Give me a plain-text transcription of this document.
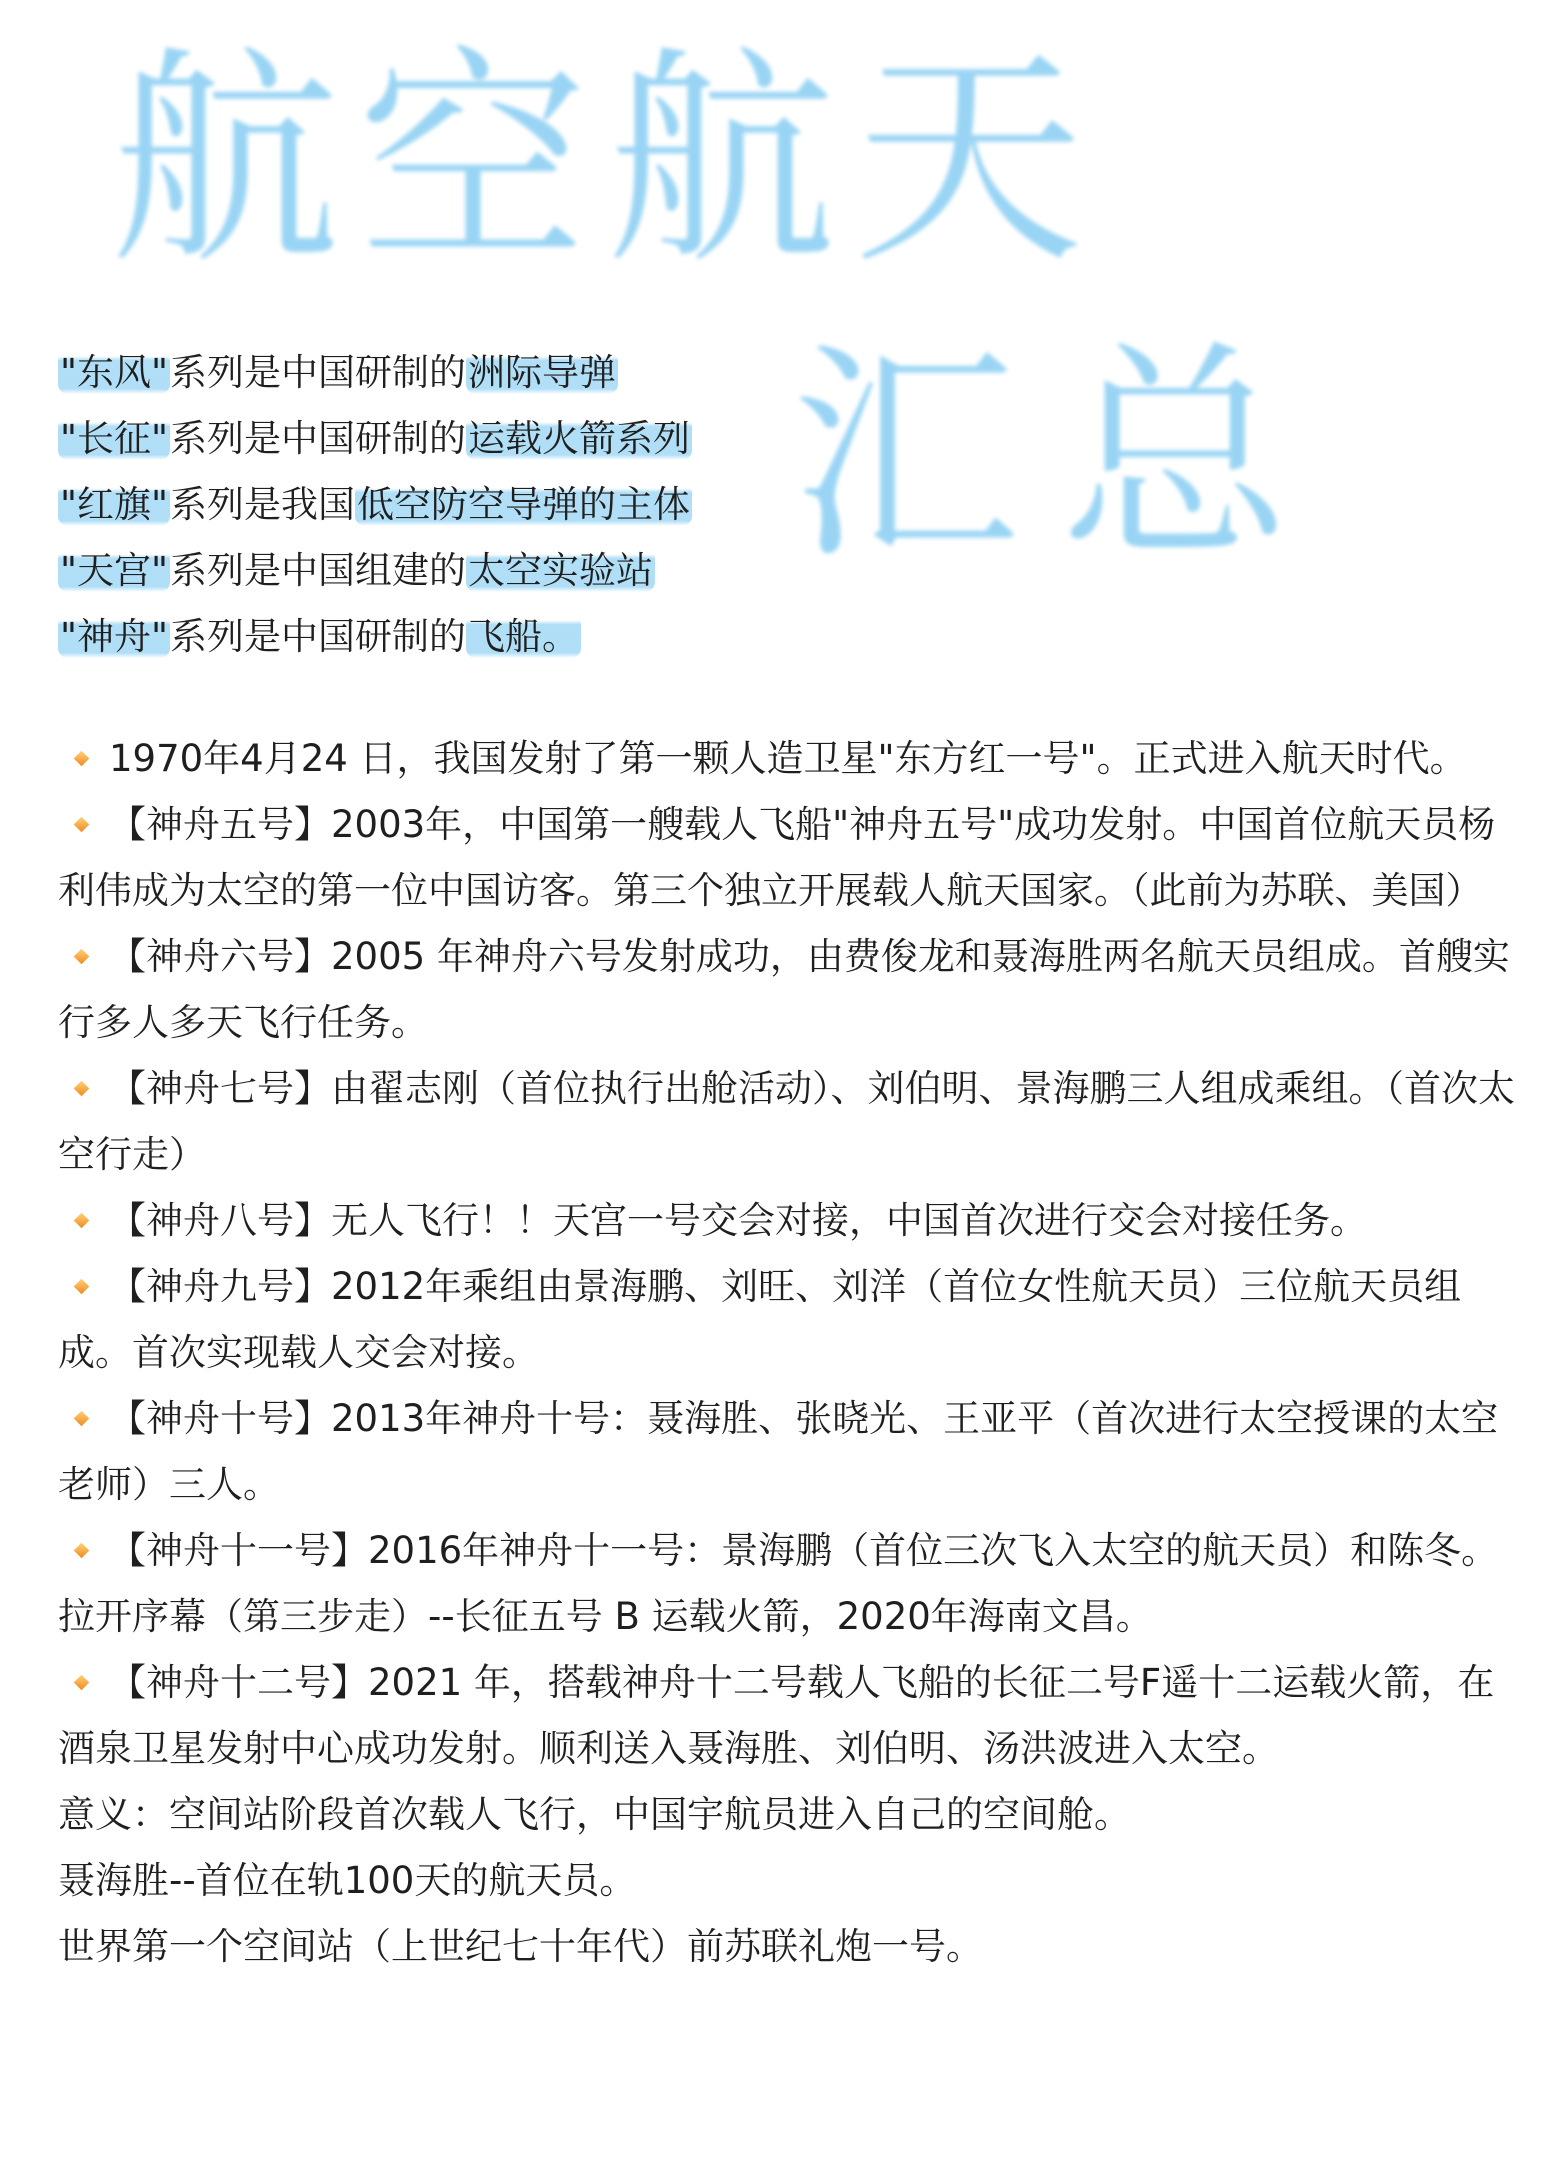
航空航天
汇总
"东风"系列是中国研制的洲际导弹
"长征"系列是中国研制的运载火箭系列
"红旗"系列是我国低空防空导弹的主体
"天宫"系列是中国组建的太空实验站
"神舟"系列是中国研制的飞船。

1970年4月24 日，我国发射了第一颗人造卫星"东方红一号"。正式进入航天时代。

【神舟五号】2003年，中国第一艘载人飞船"神舟五号"成功发射。中国首位航天员杨利伟成为太空的第一位中国访客。第三个独立开展载人航天国家。（此前为苏联、美国）

【神舟六号】2005 年神舟六号发射成功，由费俊龙和聂海胜两名航天员组成。首艘实行多人多天飞行任务。

【神舟七号】由翟志刚（首位执行出舱活动）、刘伯明、景海鹏三人组成乘组。（首次太空行走）

【神舟八号】无人飞行！！天宫一号交会对接，中国首次进行交会对接任务。

【神舟九号】2012年乘组由景海鹏、刘旺、刘洋（首位女性航天员）三位航天员组成。首次实现载人交会对接。

【神舟十号】2013年神舟十号：聂海胜、张晓光、王亚平（首次进行太空授课的太空老师）三人。

【神舟十一号】2016年神舟十一号：景海鹏（首位三次飞入太空的航天员）和陈冬。拉开序幕（第三步走）--长征五号 B 运载火箭，2020年海南文昌。

【神舟十二号】2021 年，搭载神舟十二号载人飞船的长征二号F遥十二运载火箭，在酒泉卫星发射中心成功发射。顺利送入聂海胜、刘伯明、汤洪波进入太空。

意义：空间站阶段首次载人飞行，中国宇航员进入自己的空间舱。

聂海胜--首位在轨100天的航天员。

世界第一个空间站（上世纪七十年代）前苏联礼炮一号。
